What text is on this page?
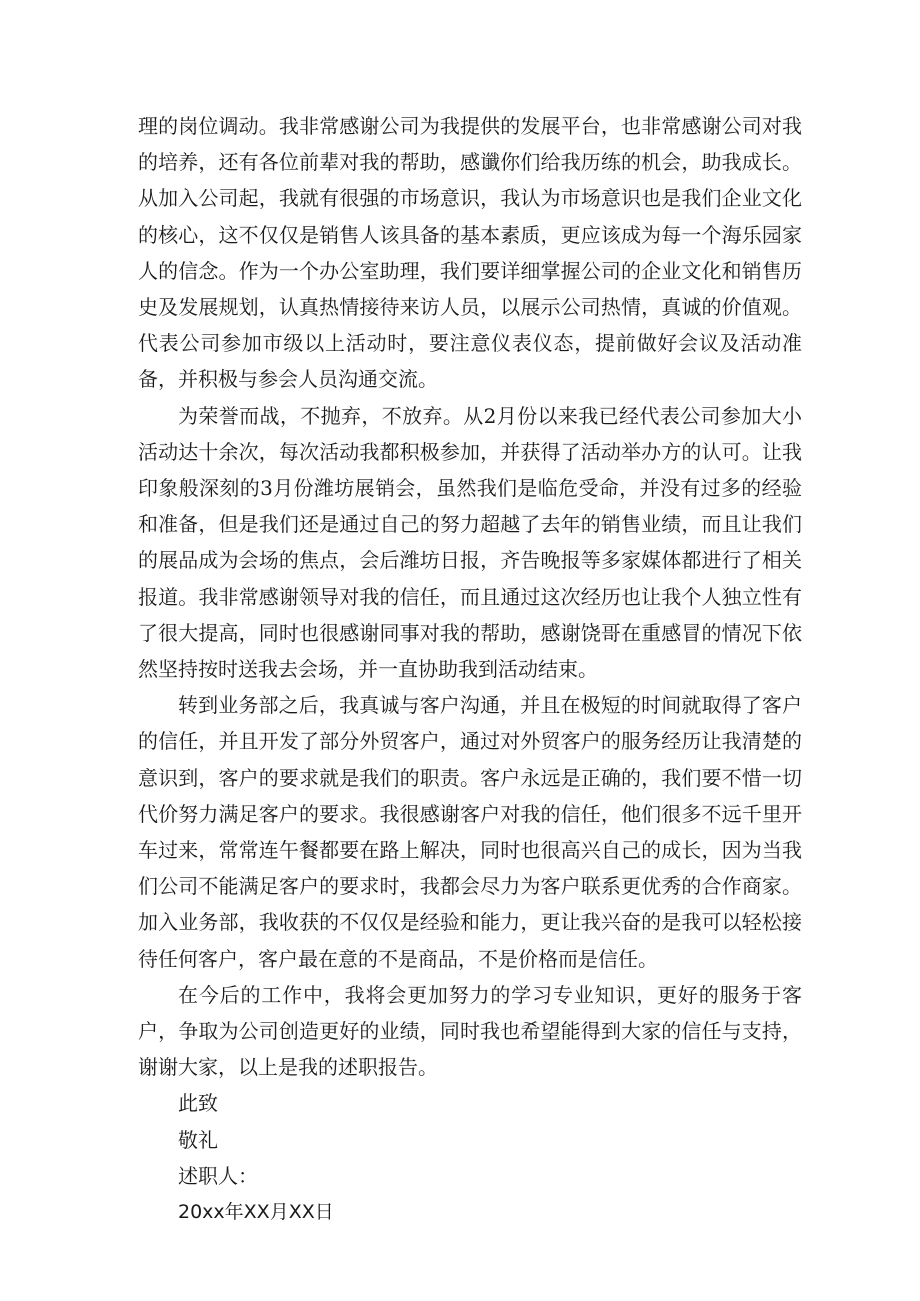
理的岗位调动。我非常感谢公司为我提供的发展平台，也非常感谢公司对我的培养，还有各位前辈对我的帮助，感谶你们给我历练的机会，助我成长。从加入公司起，我就有很强的市场意识，我认为市场意识也是我们企业文化的核心，这不仅仅是销售人该具备的基本素质，更应该成为每一个海乐园家人的信念。作为一个办公室助理，我们要详细掌握公司的企业文化和销售历史及发展规划，认真热情接待来访人员，以展示公司热情，真诚的价值观。代表公司参加市级以上活动时，要注意仪表仪态，提前做好会议及活动准备，并积极与参会人员沟通交流。

为荣誉而战，不抛弃，不放弃。从2月份以来我已经代表公司参加大小活动达十余次，每次活动我都积极参加，并获得了活动举办方的认可。让我印象般深刻的3月份潍坊展销会，虽然我们是临危受命，并没有过多的经验和准备，但是我们还是通过自己的努力超越了去年的销售业绩，而且让我们的展品成为会场的焦点，会后潍坊日报，齐告晚报等多家媒体都进行了相关报道。我非常感谢领导对我的信任，而且通过这次经历也让我个人独立性有了很大提高，同时也很感谢同事对我的帮助，感谢饶哥在重感冒的情况下依然坚持按时送我去会场，并一直协助我到活动结束。

转到业务部之后，我真诚与客户沟通，并且在极短的时间就取得了客户的信任，并且开发了部分外贸客户，通过对外贸客户的服务经历让我清楚的意识到，客户的要求就是我们的职责。客户永远是正确的，我们要不惜一切代价努力满足客户的要求。我很感谢客户对我的信任，他们很多不远千里开车过来，常常连午餐都要在路上解决，同时也很高兴自己的成长，因为当我们公司不能满足客户的要求时，我都会尽力为客户联系更优秀的合作商家。加入业务部，我收获的不仅仅是经验和能力，更让我兴奋的是我可以轻松接待任何客户，客户最在意的不是商品，不是价格而是信任。

在今后的工作中，我将会更加努力的学习专业知识，更好的服务于客户，争取为公司创造更好的业绩，同时我也希望能得到大家的信任与支持，谢谢大家，以上是我的述职报告。

此致

敬礼

述职人：

20xx年XX月XX日
